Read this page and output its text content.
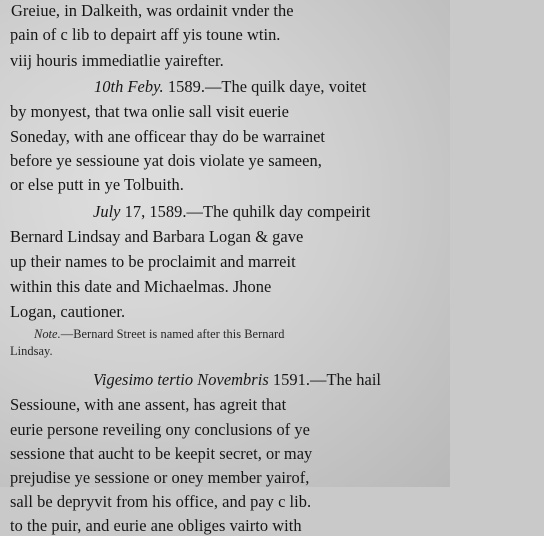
Greiue, in Dalkeith, was ordainit vnder the
pain of c lib to depairt aff yis toune wtin.
viij houris immediatlie yairefter.
10th Feby. 1589.—The quilk daye, voitet
by monyest, that twa onlie sall visit euerie
Soneday, with ane officear thay do be warrainet
before ye sessioune yat dois violate ye sameen,
or else putt in ye Tolbuith.
July 17, 1589.—The quhilk day compeirit
Bernard Lindsay and Barbara Logan & gave
up their names to be proclaimit and marreit
within this date and Michaelmas. Jhone
Logan, cautioner.
Note.—Bernard Street is named after this Bernard
Lindsay.
Vigesimo tertio Novembris 1591.—The hail
Sessioune, with ane assent, has agreit that
eurie persone reveiling ony conclusions of ye
sessione that aucht to be keepit secret, or may
prejudise ye sessione or oney member yairof,
sall be depryvit from his office, and pay c lib.
to the puir, and eurie ane obliges vairto with
